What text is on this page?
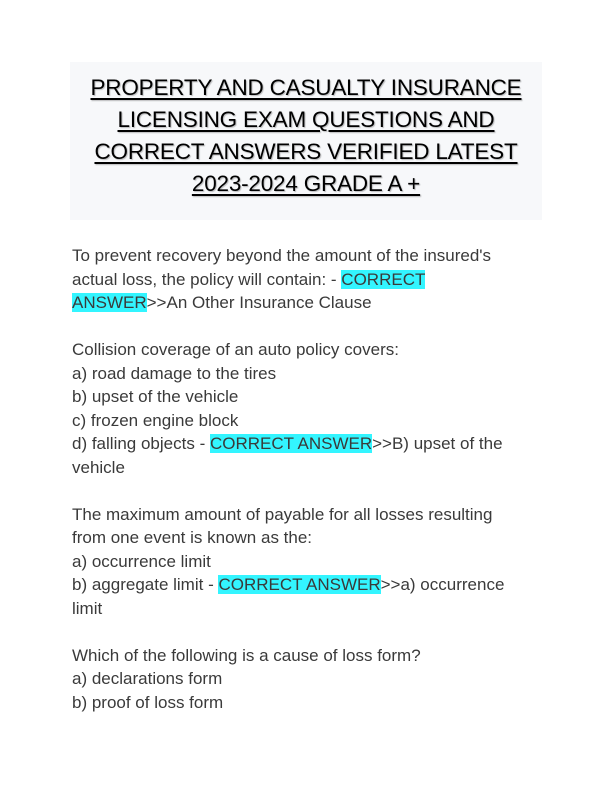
PROPERTY AND CASUALTY INSURANCE
LICENSING EXAM QUESTIONS AND
CORRECT ANSWERS VERIFIED LATEST
2023-2024 GRADE A +
To prevent recovery beyond the amount of the insured's
actual loss, the policy will contain: - CORRECT
ANSWER>>An Other Insurance Clause
Collision coverage of an auto policy covers:
a) road damage to the tires
b) upset of the vehicle
c) frozen engine block
d) falling objects - CORRECT ANSWER>>B) upset of the
vehicle
The maximum amount of payable for all losses resulting
from one event is known as the:
a) occurrence limit
b) aggregate limit - CORRECT ANSWER>>a) occurrence
limit
Which of the following is a cause of loss form?
a) declarations form
b) proof of loss form
